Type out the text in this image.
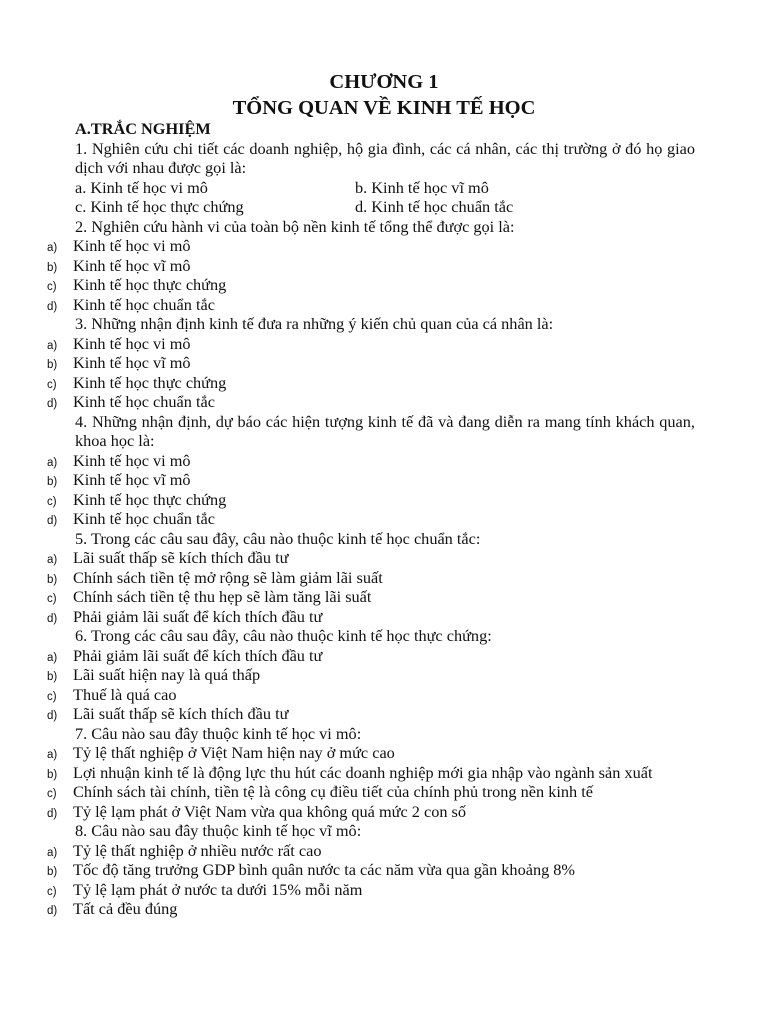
CHƯƠNG 1
TỔNG QUAN VỀ KINH TẾ HỌC
A.TRẮC NGHIỆM
1. Nghiên cứu chi tiết các doanh nghiệp, hộ gia đình, các cá nhân, các thị trường ở đó họ giao dịch với nhau được gọi là:
a. Kinh tế học vi mô	b. Kinh tế học vĩ mô
c. Kinh tế học thực chứng	d. Kinh tế học chuẩn tắc
2. Nghiên cứu hành vi của toàn bộ nền kinh tế tổng thể được gọi là:
a) Kinh tế học vi mô
b) Kinh tế học vĩ mô
c) Kinh tế học thực chứng
d) Kinh tế học chuẩn tắc
3. Những nhận định kinh tế đưa ra những ý kiến chủ quan của cá nhân là:
a) Kinh tế học vi mô
b) Kinh tế học vĩ mô
c) Kinh tế học thực chứng
d) Kinh tế học chuẩn tắc
4. Những nhận định, dự báo các hiện tượng kinh tế đã và đang diễn ra mang tính khách quan, khoa học là:
a) Kinh tế học vi mô
b) Kinh tế học vĩ mô
c) Kinh tế học thực chứng
d) Kinh tế học chuẩn tắc
5. Trong các câu sau đây, câu nào thuộc kinh tế học chuẩn tắc:
a) Lãi suất thấp sẽ kích thích đầu tư
b) Chính sách tiền tệ mở rộng sẽ làm giảm lãi suất
c) Chính sách tiền tệ thu hẹp sẽ làm tăng lãi suất
d) Phải giảm lãi suất để kích thích đầu tư
6. Trong các câu sau đây, câu nào thuộc kinh tế học thực chứng:
a) Phải giảm lãi suất để kích thích đầu tư
b) Lãi suất hiện nay là quá thấp
c) Thuế là quá cao
d) Lãi suất thấp sẽ kích thích đầu tư
7. Câu nào sau đây thuộc kinh tế học vi mô:
a) Tỷ lệ thất nghiệp ở Việt Nam hiện nay ở mức cao
b) Lợi nhuận kinh tế là động lực thu hút các doanh nghiệp mới gia nhập vào ngành sản xuất
c) Chính sách tài chính, tiền tệ là công cụ điều tiết của chính phủ trong nền kinh tế
d) Tỷ lệ lạm phát ở Việt Nam vừa qua không quá mức 2 con số
8. Câu nào sau đây thuộc kinh tế học vĩ mô:
a) Tỷ lệ thất nghiệp ở nhiều nước rất cao
b) Tốc độ tăng trưởng GDP bình quân nước ta các năm vừa qua gần khoảng 8%
c) Tỷ lệ lạm phát ở nước ta dưới 15% mỗi năm
d) Tất cả đều đúng
